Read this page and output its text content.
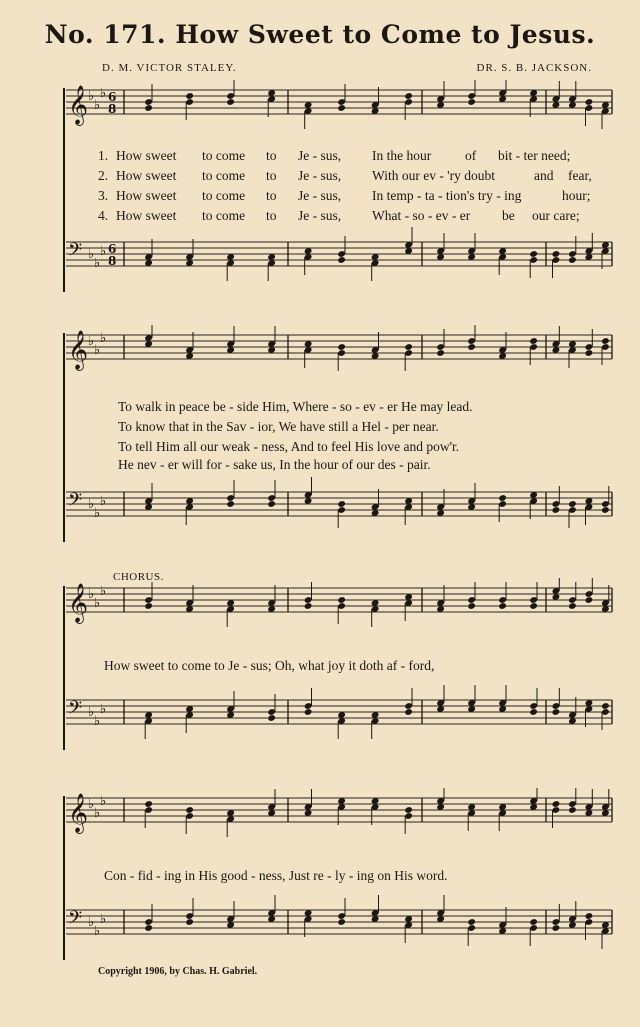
No. 171. How Sweet to Come to Jesus.
D. M. VICTOR STALEY.	DR. S. B. JACKSON.
𝄞 ♭
♭
♭ 6
8
𝄢 ♭
♭
♭ 6
8
1. How sweet to come to Je - sus, In the hour	of bit - ter need;
2. How sweet to come to Je - sus, With our ev - 'ry doubt	and fear,
3. How sweet to come to Je - sus, In temp - ta - tion's try - ing	hour;
4. How sweet to come to Je - sus, What - so - ev - er be our care;
𝄞 ♭
♭
♭
𝄢 ♭
♭
♭
To walk in peace be - side Him, Where - so - ev - er He may lead.
To know that in the Sav - ior, We have still a Hel - per near.
To tell Him all our weak - ness, And to feel His love and pow'r.
He nev - er will for - sake us, In the hour of our des - pair.
CHORUS.
𝄞 ♭
♭
♭
𝄢 ♭
♭
♭
How sweet to come to Je - sus; Oh, what joy it doth af - ford,
𝄞 ♭
♭
♭
𝄢 ♭
♭
♭
Con - fid - ing in His good - ness, Just re - ly - ing on His word.
Copyright 1906, by Chas. H. Gabriel.
